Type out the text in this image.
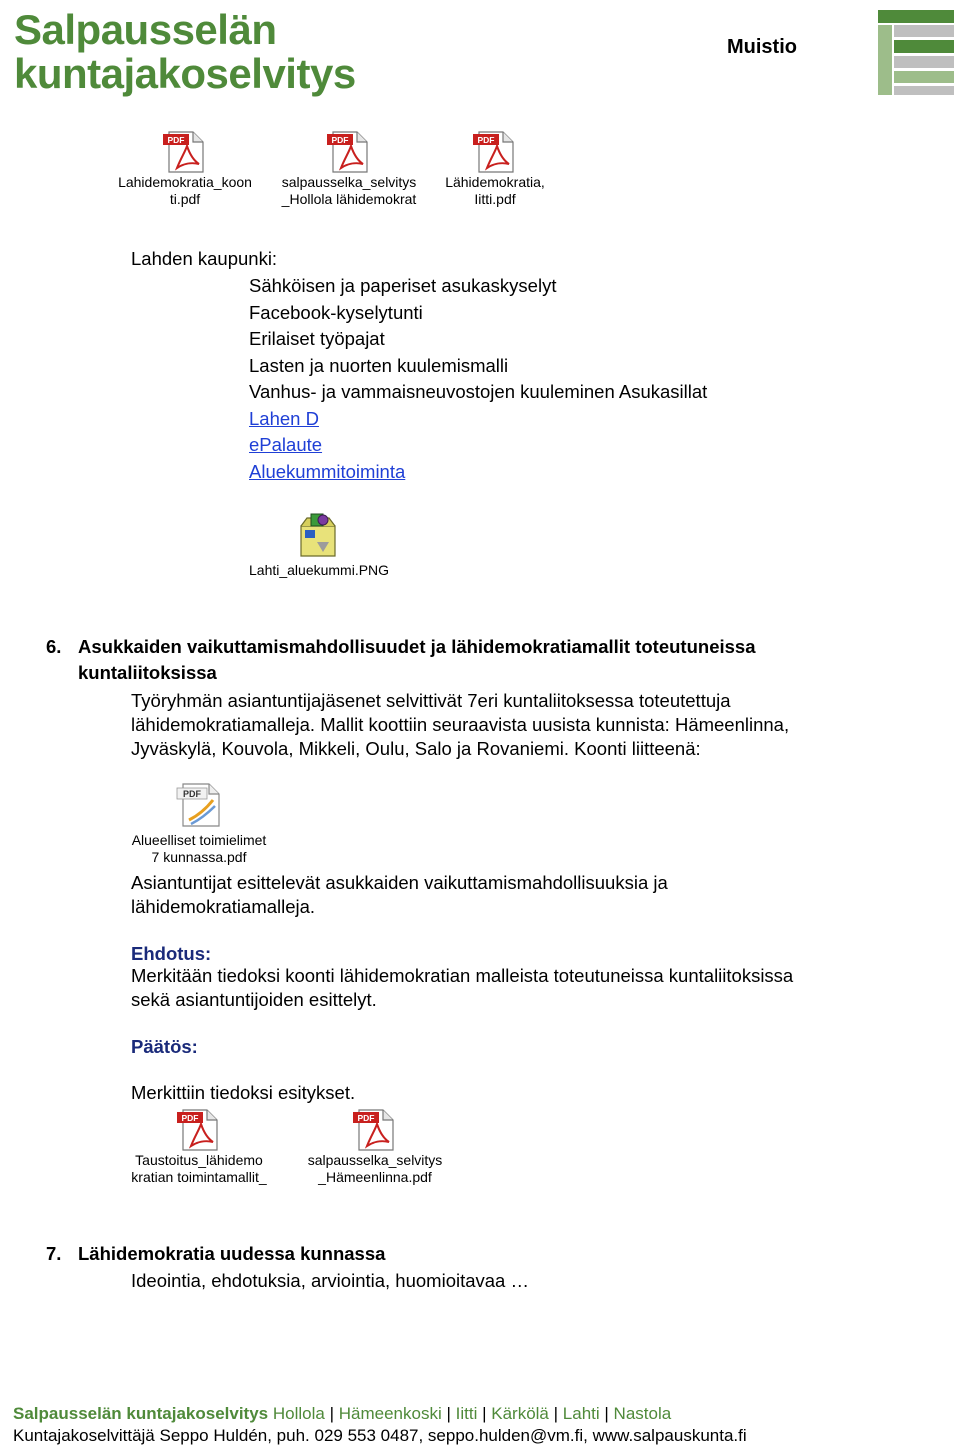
Salpausselän
kuntajakoselvitys
Muistio
PDF
Lahidemokratia_koon
ti.pdf
PDF
salpausselka_selvitys
_Hollola lähidemokrat
PDF
Lähidemokratia,
Iitti.pdf
Lahden kaupunki:
Sähköisen ja paperiset asukaskyselyt
Facebook-kyselytunti
Erilaiset työpajat
Lasten ja nuorten kuulemismalli
Vanhus- ja vammaisneuvostojen kuuleminen Asukasillat
Lahen D
ePalaute
Aluekummitoiminta
Lahti_aluekummi.PNG
6. Asukkaiden vaikuttamismahdollisuudet ja lähidemokratiamallit toteutuneissa
kuntaliitoksissa
Työryhmän asiantuntijajäsenet selvittivät 7eri kuntaliitoksessa toteutettuja
lähidemokratiamalleja. Mallit koottiin seuraavista uusista kunnista: Hämeenlinna,
Jyväskylä, Kouvola, Mikkeli, Oulu, Salo ja Rovaniemi. Koonti liitteenä:
PDF
Alueelliset toimielimet
7 kunnassa.pdf
Asiantuntijat esittelevät asukkaiden vaikuttamismahdollisuuksia ja
lähidemokratiamalleja.
Ehdotus:
Merkitään tiedoksi koonti lähidemokratian malleista toteutuneissa kuntaliitoksissa
sekä asiantuntijoiden esittelyt.
Päätös:
Merkittiin tiedoksi esitykset.
PDF
Taustoitus_lähidemo
kratian toimintamallit_
PDF
salpausselka_selvitys
_Hämeenlinna.pdf
7. Lähidemokratia uudessa kunnassa
Ideointia, ehdotuksia, arviointia, huomioitavaa …
Salpausselän kuntajakoselvitys Hollola | Hämeenkoski | Iitti | Kärkölä | Lahti | Nastola
Kuntajakoselvittäjä Seppo Huldén, puh. 029 553 0487, seppo.hulden@vm.fi, www.salpauskunta.fi
